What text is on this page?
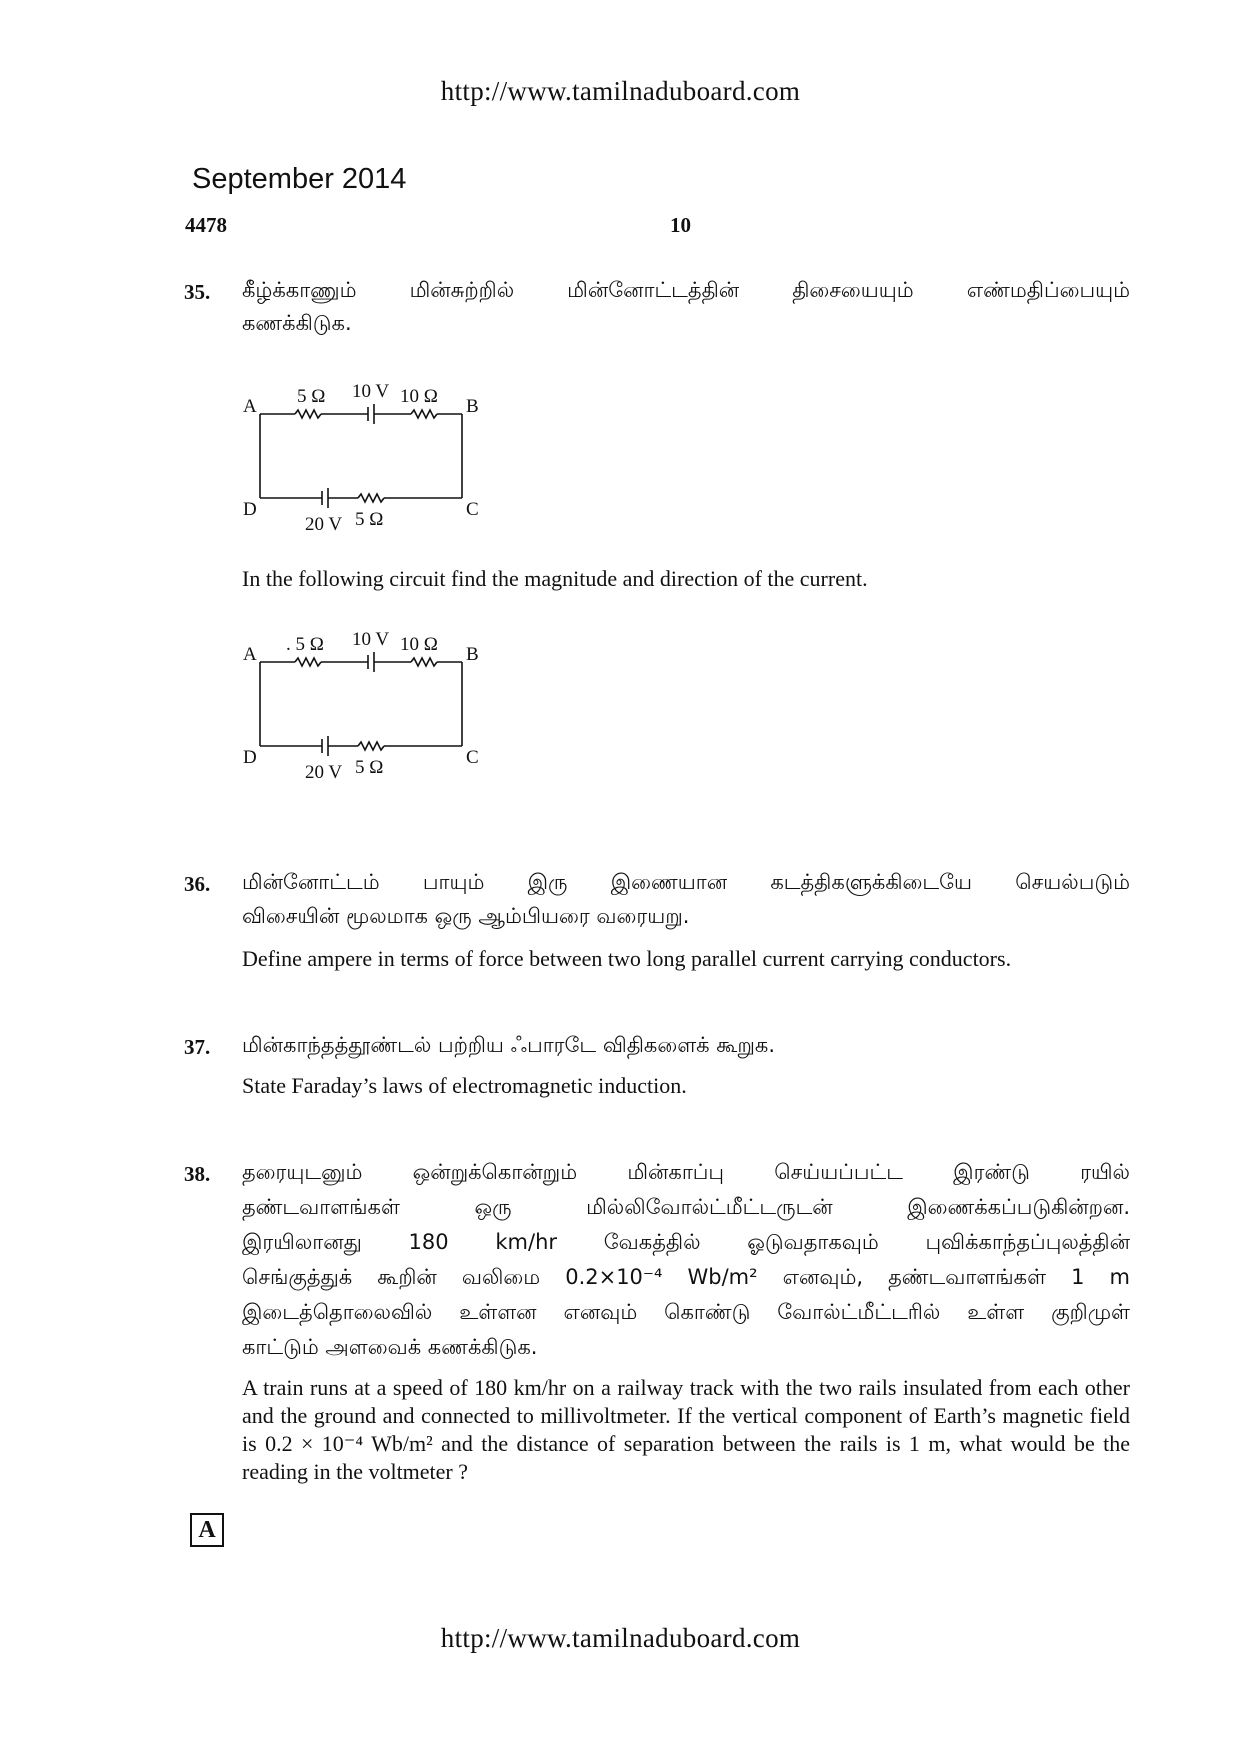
http://www.tamilnaduboard.com
September 2014
4478	10
35. கீழ்க்காணும் மின்சுற்றில் மின்னோட்டத்தின் திசையையும் எண்மதிப்பையும்
கணக்கிடுக.
A	B
C
D
5 Ω 10 V 10 Ω
20 V 5 Ω
In the following circuit find the magnitude and direction of the current.
A	B
C
D
. 5 Ω 10 V 10 Ω
20 V 5 Ω
36. மின்னோட்டம் பாயும் இரு இணையான கடத்திகளுக்கிடையே செயல்படும்
விசையின் மூலமாக ஒரு ஆம்பியரை வரையறு.
Define ampere in terms of force between two long parallel current carrying conductors.
37. மின்காந்தத்தூண்டல் பற்றிய ஃபாரடே விதிகளைக் கூறுக.
State Faraday’s laws of electromagnetic induction.
38. தரையுடனும் ஒன்றுக்கொன்றும் மின்காப்பு செய்யப்பட்ட இரண்டு ரயில்
தண்டவாளங்கள் ஒரு மில்லிவோல்ட்மீட்டருடன் இணைக்கப்படுகின்றன.
இரயிலானது 180 km/hr வேகத்தில் ஓடுவதாகவும் புவிக்காந்தப்புலத்தின்
செங்குத்துக் கூறின் வலிமை 0.2×10⁻⁴ Wb/m² எனவும், தண்டவாளங்கள் 1 m
இடைத்தொலைவில் உள்ளன எனவும் கொண்டு வோல்ட்மீட்டரில் உள்ள குறிமுள்
காட்டும் அளவைக் கணக்கிடுக.
A train runs at a speed of 180 km/hr on a railway track with the two rails insulated from each other and the ground and connected to millivoltmeter. If the vertical component of Earth’s magnetic field is 0.2 × 10⁻⁴ Wb/m² and the distance of separation between the rails is 1 m, what would be the reading in the voltmeter ?
A
http://www.tamilnaduboard.com
